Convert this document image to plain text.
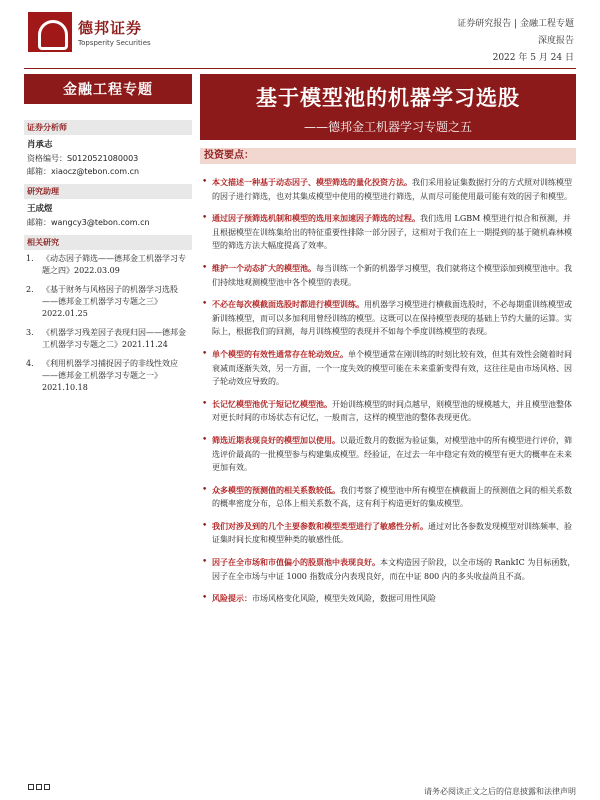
德邦证券
Topsperity Securities
证券研究报告 | 金融工程专题
深度报告
2022 年 5 月 24 日
金融工程专题	基于模型池的机器学习选股
——德邦金工机器学习专题之五
证券分析师
肖承志
资格编号：S0120521080003
邮箱：xiaocz@tebon.com.cn
研究助理
王成煜
邮箱：wangcy3@tebon.com.cn
相关研究
1.	《动态因子筛选——德邦金工机器学习专题之四》2022.03.09
2.	《基于财务与风格因子的机器学习选股——德邦金工机器学习专题之三》2022.01.25
3.	《机器学习残差因子表现归因——德邦金工机器学习专题之二》2021.11.24
4.	《利用机器学习捕捉因子的非线性效应——德邦金工机器学习专题之一》2021.10.18
投资要点：
• 本文描述一种基于动态因子、模型筛选的量化投资方法。我们采用验证集数据打分的方式照对训练模型的因子进行筛选，也对其集成模型中使用的模型进行筛选，从而尽可能使用最可能有效的因子和模型。
• 通过因子预筛选机制和模型的选用来加速因子筛选的过程。我们选用 LGBM 模型进行拟合和预测，并且根据模型在训练集给出的特征重要性排除一部分因子，这相对于我们在上一期提到的基于随机森林模型的筛选方法大幅度提高了效率。
• 维护一个动态扩大的模型池。每当训练一个新的机器学习模型，我们就将这个模型添加到模型池中。我们持续地观测模型池中各个模型的表现。
• 不必在每次模截面选股时都进行模型训练。用机器学习模型进行横截面选股时，不必每期重训练模型或新训练模型，而可以多加利用曾经训练的模型。这既可以在保持模型表现的基础上节约大量的运算。实际上，根据我们的回测，每月训练模型的表现并不如每个季度训练模型的表现。
• 单个模型的有效性通常存在轮动效应。单个模型通常在刚训练的时刻比较有效，但其有效性会随着时间衰减而逐渐失效，另一方面，一个一度失效的模型可能在未来重新变得有效，这往往是由市场风格、因子轮动效应导致的。
• 长记忆模型池优于短记忆模型池。开始训练模型的时间点越早，则模型池的规模越大，并且模型池整体对更长时间的市场状态有记忆，一般而言，这样的模型池的整体表现更优。
• 筛选近期表现良好的模型加以使用。以最近数月的数据为验证集，对模型池中的所有模型进行评价，筛选评价最高的一批模型参与构建集成模型。经验证，在过去一年中稳定有效的模型有更大的概率在未来更加有效。
• 众多模型的预测值的相关系数较低。我们考察了模型池中所有模型在横截面上的预测值之间的相关系数的概率密度分布，总体上相关系数不高，这有利于构造更好的集成模型。
• 我们对涉及到的几个主要参数和模型类型进行了敏感性分析。通过对比各参数发现模型对训练频率、验证集时间长度和模型种类的敏感性低。
• 因子在全市场和市值偏小的股票池中表现良好。本文构造因子阶段，以全市场的 RankIC 为目标函数，因子在全市场与中证 1000 指数成分内表现良好，而在中证 800 内的多头收益尚且不高。
• 风险提示：市场风格变化风险，模型失效风险，数据可用性风险
请务必阅读正文之后的信息披露和法律声明
